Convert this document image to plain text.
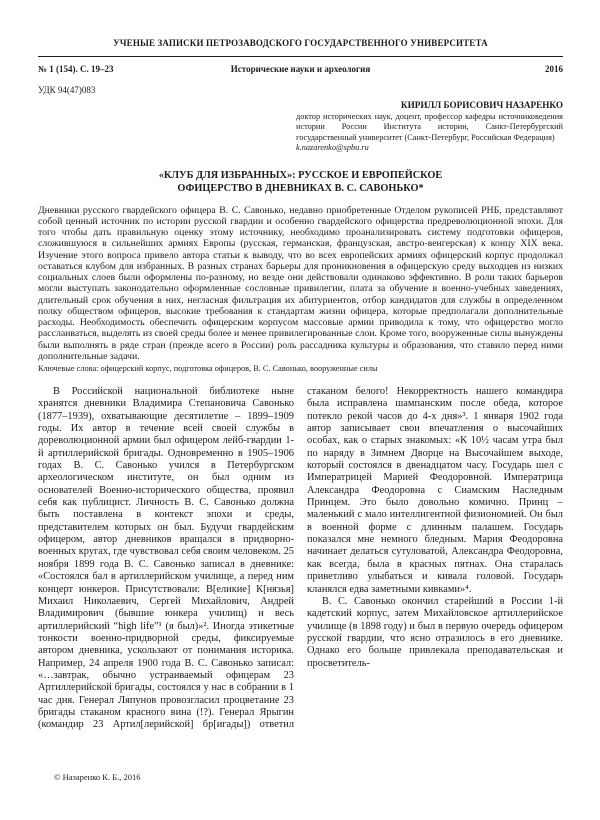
УЧЕНЫЕ ЗАПИСКИ ПЕТРОЗАВОДСКОГО ГОСУДАРСТВЕННОГО УНИВЕРСИТЕТА
№ 1 (154). С. 19–23	Исторические науки и археология	2016
УДК 94(47)083
КИРИЛЛ БОРИСОВИЧ НАЗАРЕНКО
доктор исторических наук, доцент, профессор кафедры источниковедения истории России Института истории, Санкт-Петербургский государственный университет (Санкт-Петербург, Российская Федерация)
k.nazarenko@spbu.ru
«КЛУБ ДЛЯ ИЗБРАННЫХ»: РУССКОЕ И ЕВРОПЕЙСКОЕ
ОФИЦЕРСТВО В ДНЕВНИКАХ В. С. САВОНЬКО*
Дневники русского гвардейского офицера В. С. Савонько, недавно приобретенные Отделом рукописей РНБ, представляют собой ценный источник по истории русской гвардии и особенно гвардейского офицерства предреволюционной эпохи. Для того чтобы дать правильную оценку этому источнику, необходимо проанализировать систему подготовки офицеров, сложившуюся в сильнейших армиях Европы (русская, германская, французская, австро-венгерская) к концу XIX века. Изучение этого вопроса привело автора статьи к выводу, что во всех европейских армиях офицерский корпус продолжал оставаться клубом для избранных. В разных странах барьеры для проникновения в офицерскую среду выходцев из низких социальных слоев были оформлены по-разному, но везде они действовали одинаково эффективно. В роли таких барьеров могли выступать законодательно оформленные сословные привилегии, плата за обучение в военно-учебных заведениях, длительный срок обучения в них, негласная фильтрация их абитуриентов, отбор кандидатов для службы в определенном полку обществом офицеров, высокие требования к стандартам жизни офицера, которые предполагали дополнительные расходы. Необходимость обеспечить офицерским корпусом массовые армии приводила к тому, что офицерство могло расслаиваться, выделять из своей среды более и менее привилегированные слои. Кроме того, вооруженные силы вынуждены были выполнять в ряде стран (прежде всего в России) роль рассадника культуры и образования, что ставило перед ними дополнительные задачи.
Ключевые слова: офицерский корпус, подготовка офицеров, В. С. Савонько, вооруженные силы

В Российской национальной библиотеке ныне хранятся дневники Владимира Степановича Савонько (1877–1939), охватывающие десятилетие – 1899–1909 годы. Их автор в течение всей своей службы в дореволюционной армии был офицером лейб-гвардии 1-й артиллерийской бригады. Одновременно в 1905–1906 годах В. С. Савонько учился в Петербургском археологическом институте, он был одним из основателей Военно-исторического общества, проявил себя как публицист. Личность В. С. Савонько должна быть поставлена в контекст эпохи и среды, представителем которых он был. Будучи гвардейским офицером, автор дневников вращался в придворно-военных кругах, где чувствовал себя своим человеком. 25 ноября 1899 года В. С. Савонько записал в дневнике: «Состоялся бал в артиллерийском училище, а перед ним концерт юнкеров. Присутствовали: В[еликие] К[нязья] Михаил Николаевич, Сергей Михайлович, Андрей Владимирович (бывшие юнкера училищ) и весь артиллерийский “high life”¹ (я был)»². Иногда этикетные тонкости военно-придворной среды, фиксируемые автором дневника, ускользают от понимания историка. Например, 24 апреля 1900 года В. С. Савонько записал: «…завтрак, обычно устраиваемый офицерам 23 Артиллерийской бригады, состоялся у нас в собрании в 1 час дня. Генерал Ляпунов провозгласил процветание 23 бригады стаканом красного вина (!?). Генерал Ярыгин (командир 23 Артил[лерийской] бр[игады]) ответил стаканом белого! Некорректность нашего командира была исправлена шампанским после обеда, которое потекло рекой часов до 4-х дня»³. 1 января 1902 года автор записывает свои впечатления о высочайших особах, как о старых знакомых: «К 10½ часам утра был по наряду в Зимнем Дворце на Высочайшем выходе, который состоялся в двенадцатом часу. Государь шел с Императрицей Марией Феодоровной. Императрица Александра Феодоровна с Сиамским Наследным Принцем. Это было довольно комично. Принц – маленький с мало интеллигентной физиономией. Он был в военной форме с длинным палашем. Государь показался мне немного бледным. Мария Феодоровна начинает делаться сутуловатой, Александра Феодоровна, как всегда, была в красных пятнах. Она старалась приветливо улыбаться и кивала головой. Государь кланялся едва заметными кивками»⁴.

В. С. Савонько окончил старейший в России 1-й кадетский корпус, затем Михайловское артиллерийское училище (в 1898 году) и был в первую очередь офицером русской гвардии, что ясно отразилось в его дневнике. Однако его больше привлекала преподавательская и просветитель-

© Назаренко К. Б., 2016
